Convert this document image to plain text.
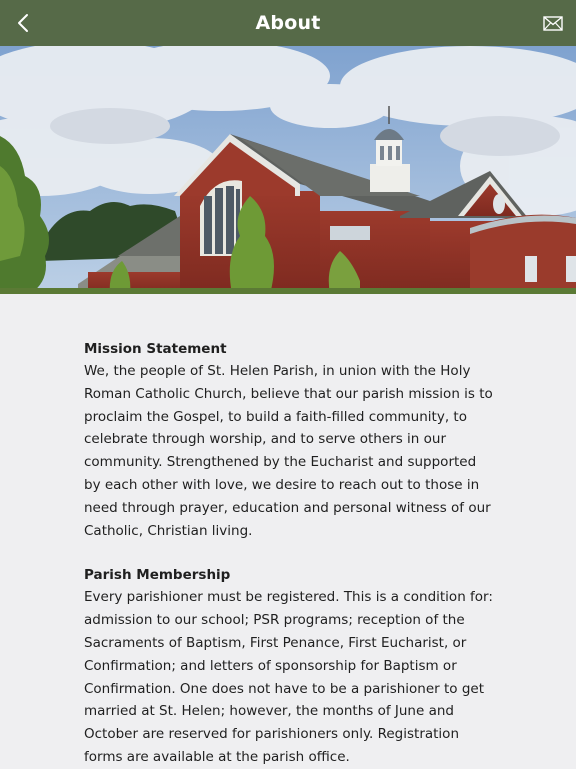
About

Mission Statement

We, the people of St. Helen Parish, in union with the Holy Roman Catholic Church, believe that our parish mission is to proclaim the Gospel, to build a faith-filled community, to celebrate through worship, and to serve others in our community. Strengthened by the Eucharist and supported by each other with love, we desire to reach out to those in need through prayer, education and personal witness of our Catholic, Christian living.

Parish Membership

Every parishioner must be registered. This is a condition for: admission to our school; PSR programs; reception of the Sacraments of Baptism, First Penance, First Eucharist, or Confirmation; and letters of sponsorship for Baptism or Confirmation. One does not have to be a parishioner to get married at St. Helen; however, the months of June and October are reserved for parishioners only. Registration forms are available at the parish office.
